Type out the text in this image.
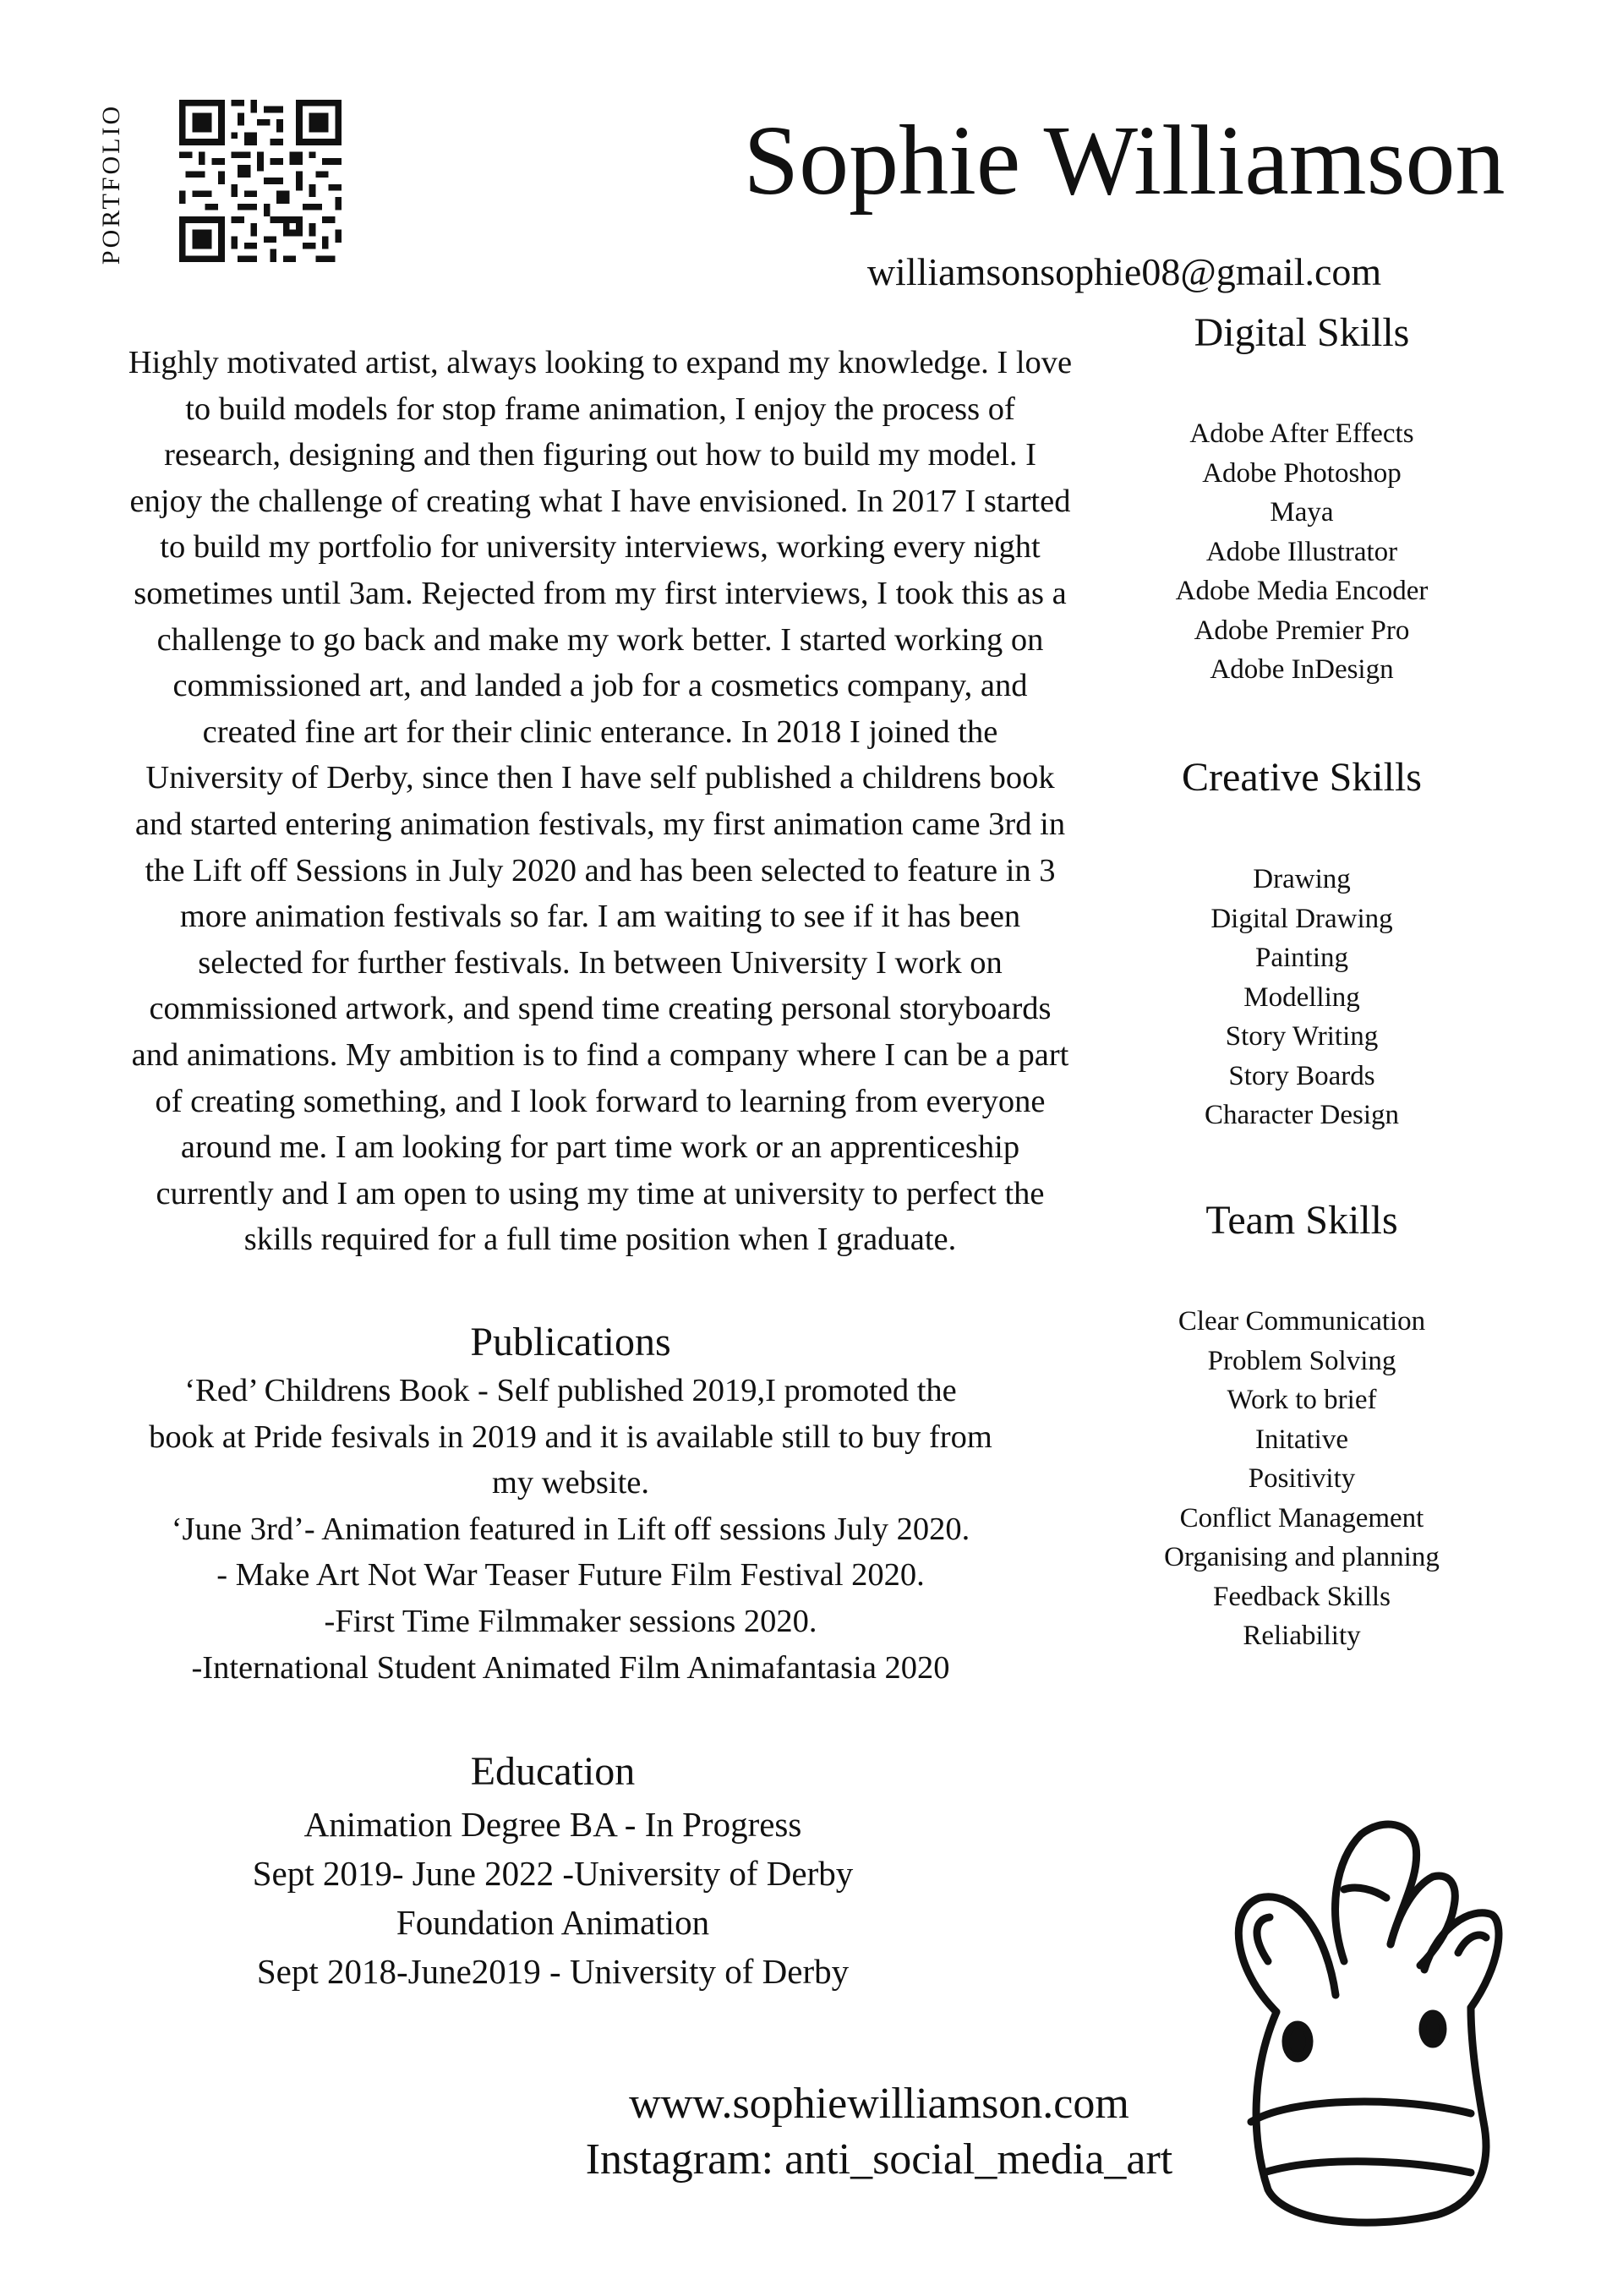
PORTFOLIO	Sophie Williamson
williamsonsophie08@gmail.com
Highly motivated artist, always looking to expand my knowledge. I love
to build models for stop frame animation, I enjoy the process of
research, designing and then figuring out how to build my model. I
enjoy the challenge of creating what I have envisioned. In 2017 I started
to build my portfolio for university interviews, working every night
sometimes until 3am. Rejected from my first interviews, I took this as a
challenge to go back and make my work better. I started working on
commissioned art, and landed a job for a cosmetics company, and
created fine art for their clinic enterance. In 2018 I joined the
University of Derby, since then I have self published a childrens book
and started entering animation festivals, my first animation came 3rd in
the Lift off Sessions in July 2020 and has been selected to feature in 3
more animation festivals so far. I am waiting to see if it has been
selected for further festivals. In between University I work on
commissioned artwork, and spend time creating personal storyboards
and animations. My ambition is to find a company where I can be a part
of creating something, and I look forward to learning from everyone
around me. I am looking for part time work or an apprenticeship
currently and I am open to using my time at university to perfect the
skills required for a full time position when I graduate.
Publications
‘Red’ Childrens Book - Self published 2019,I promoted the
book at Pride fesivals in 2019 and it is available still to buy from
my website.
‘June 3rd’- Animation featured in Lift off sessions July 2020.
- Make Art Not War Teaser Future Film Festival 2020.
-First Time Filmmaker sessions 2020.
-International Student Animated Film Animafantasia 2020
Education
Animation Degree BA - In Progress
Sept 2019- June 2022 -University of Derby
Foundation Animation
Sept 2018-June2019 - University of Derby
Digital Skills
Adobe After Effects
Adobe Photoshop
Maya
Adobe Illustrator
Adobe Media Encoder
Adobe Premier Pro
Adobe InDesign
Creative Skills
Drawing
Digital Drawing
Painting
Modelling
Story Writing
Story Boards
Character Design
Team Skills
Clear Communication
Problem Solving
Work to brief
Initative
Positivity
Conflict Management
Organising and planning
Feedback Skills
Reliability
www.sophiewilliamson.com
Instagram: anti_social_media_art
